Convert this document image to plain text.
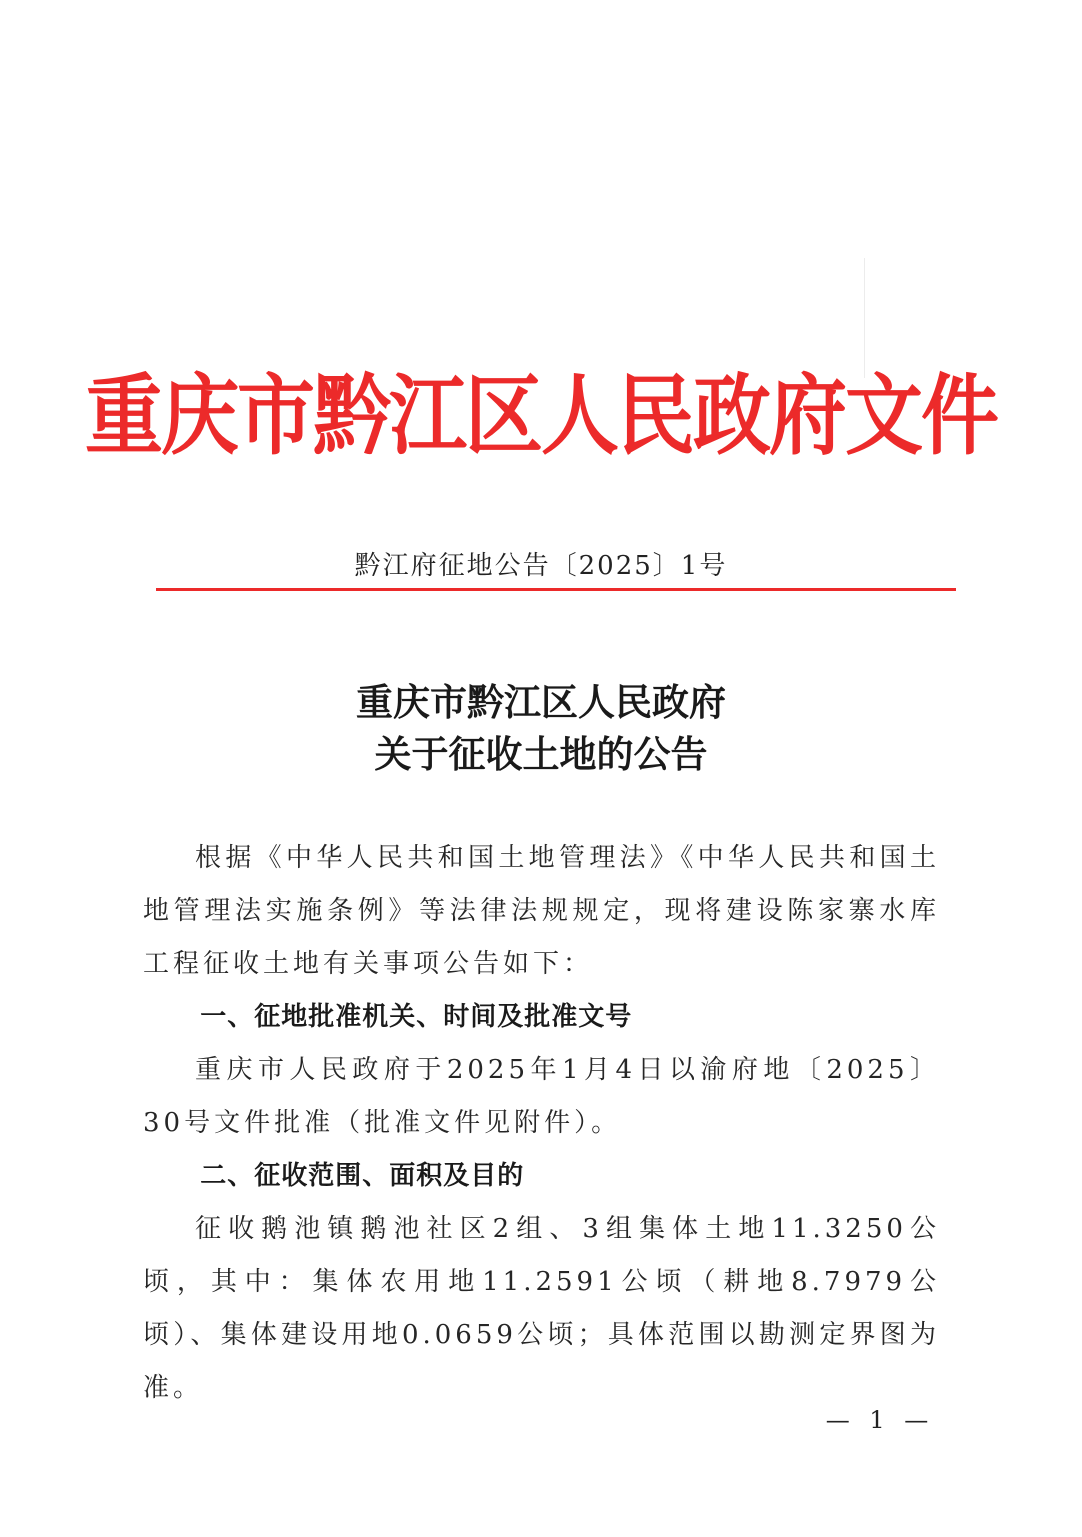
重庆市黔江区人民政府文件
黔江府征地公告〔2025〕1号
重庆市黔江区人民政府
关于征收土地的公告

根据《中华人民共和国土地管理法》《中华人民共和国土地管理法实施条例》等法律法规规定，现将建设陈家寨水库工程征收土地有关事项公告如下：

一、征地批准机关、时间及批准文号

重庆市人民政府于2025年1月4日以渝府地〔2025〕30号文件批准（批准文件见附件）。

二、征收范围、面积及目的

征收鹅池镇鹅池社区2组、3组集体土地11.3250公顷，其中：集体农用地11.2591公顷（耕地8.7979公顷）、集体建设用地0.0659公顷；具体范围以勘测定界图为准。

— 1 —
